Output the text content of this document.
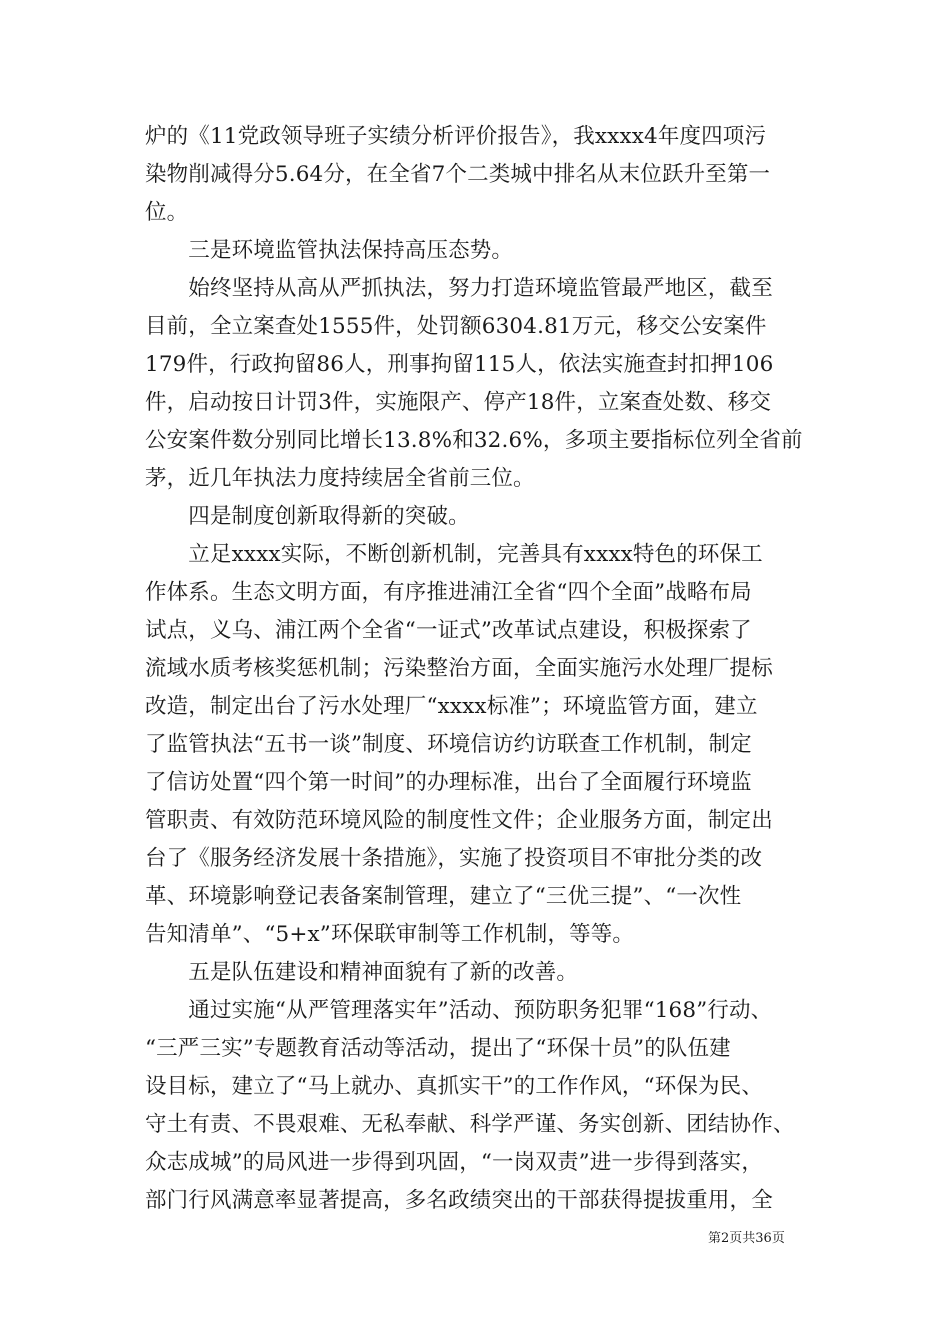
炉的《11党政领导班子实绩分析评价报告》，我xxxx4年度四项污
染物削减得分5.64分，在全省7个二类城中排名从末位跃升至第一
位。
　　三是环境监管执法保持高压态势。
　　始终坚持从高从严抓执法，努力打造环境监管最严地区，截至
目前，全立案查处1555件，处罚额6304.81万元，移交公安案件
179件，行政拘留86人，刑事拘留115人，依法实施查封扣押106
件，启动按日计罚3件，实施限产、停产18件，立案查处数、移交
公安案件数分别同比增长13.8%和32.6%，多项主要指标位列全省前
茅，近几年执法力度持续居全省前三位。
　　四是制度创新取得新的突破。
　　立足xxxx实际，不断创新机制，完善具有xxxx特色的环保工
作体系。生态文明方面，有序推进浦江全省“四个全面”战略布局
试点，义乌、浦江两个全省“一证式”改革试点建设，积极探索了
流域水质考核奖惩机制；污染整治方面，全面实施污水处理厂提标
改造，制定出台了污水处理厂“xxxx标准”；环境监管方面，建立
了监管执法“五书一谈”制度、环境信访约访联查工作机制，制定
了信访处置“四个第一时间”的办理标准，出台了全面履行环境监
管职责、有效防范环境风险的制度性文件；企业服务方面，制定出
台了《服务经济发展十条措施》，实施了投资项目不审批分类的改
革、环境影响登记表备案制管理，建立了“三优三提”、“一次性
告知清单”、“5+x”环保联审制等工作机制，等等。
　　五是队伍建设和精神面貌有了新的改善。
　　通过实施“从严管理落实年”活动、预防职务犯罪“168”行动、
“三严三实”专题教育活动等活动，提出了“环保十员”的队伍建
设目标，建立了“马上就办、真抓实干”的工作作风，“环保为民、
守土有责、不畏艰难、无私奉献、科学严谨、务实创新、团结协作、
众志成城”的局风进一步得到巩固，“一岗双责”进一步得到落实，
部门行风满意率显著提高，多名政绩突出的干部获得提拔重用，全
第2页共36页
